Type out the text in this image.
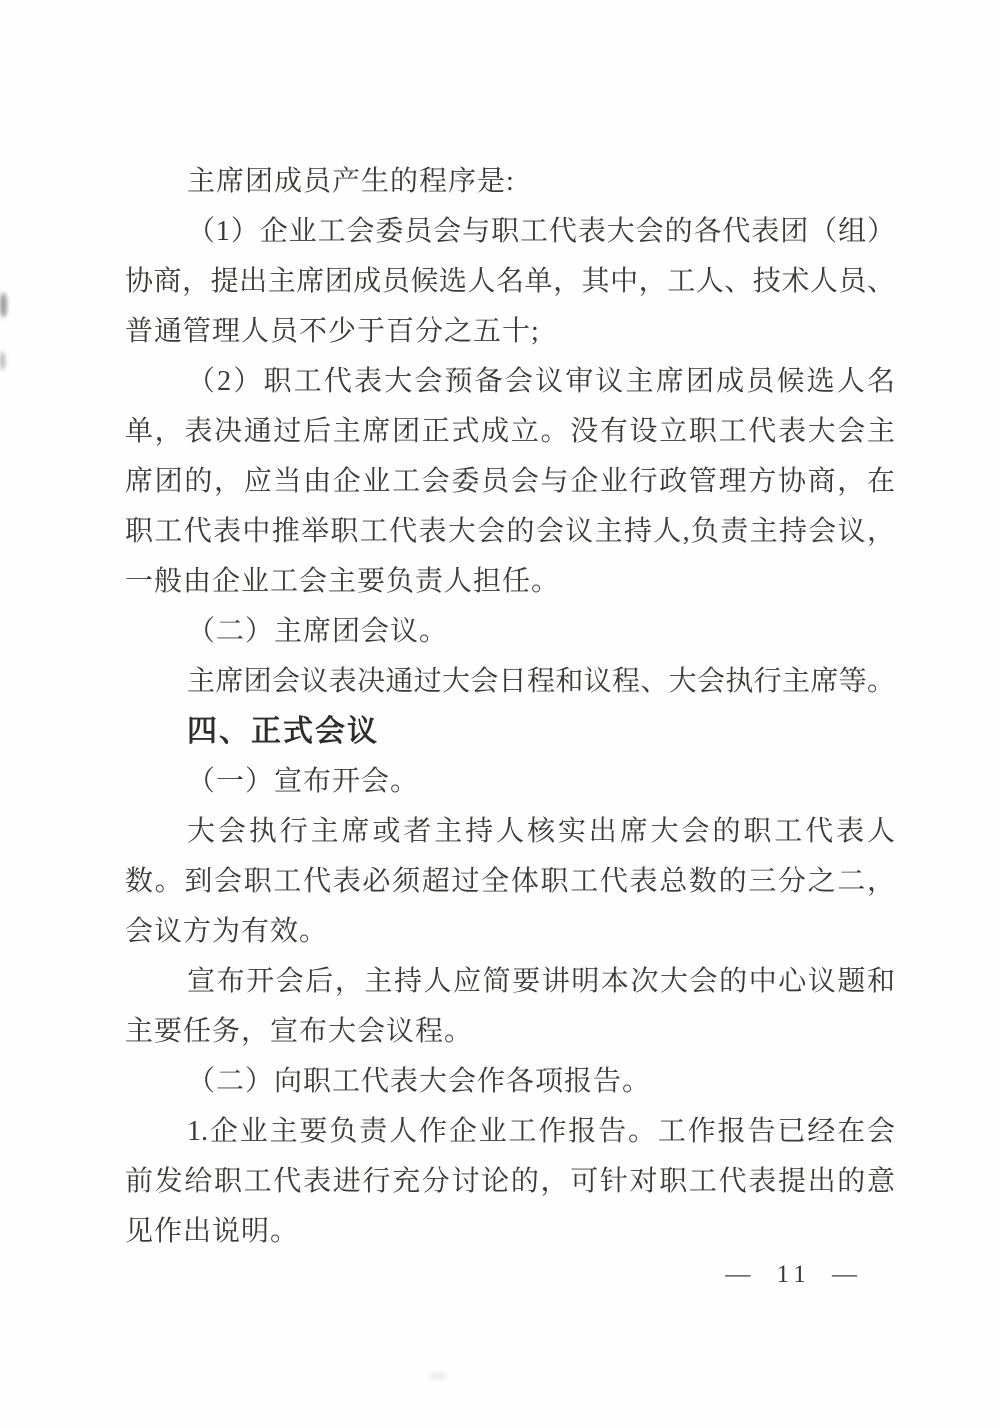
主席团成员产生的程序是:
（1）企业工会委员会与职工代表大会的各代表团（组）
协商，提出主席团成员候选人名单，其中，工人、技术人员、
普通管理人员不少于百分之五十;
（2）职工代表大会预备会议审议主席团成员候选人名
单，表决通过后主席团正式成立。没有设立职工代表大会主
席团的，应当由企业工会委员会与企业行政管理方协商，在
职工代表中推举职工代表大会的会议主持人,负责主持会议，
一般由企业工会主要负责人担任。
（二）主席团会议。
主席团会议表决通过大会日程和议程、大会执行主席等。
四、正式会议
（一）宣布开会。
大会执行主席或者主持人核实出席大会的职工代表人
数。到会职工代表必须超过全体职工代表总数的三分之二，
会议方为有效。
宣布开会后，主持人应简要讲明本次大会的中心议题和
主要任务，宣布大会议程。
（二）向职工代表大会作各项报告。
1.企业主要负责人作企业工作报告。工作报告已经在会
前发给职工代表进行充分讨论的，可针对职工代表提出的意
见作出说明。
— 11 —
